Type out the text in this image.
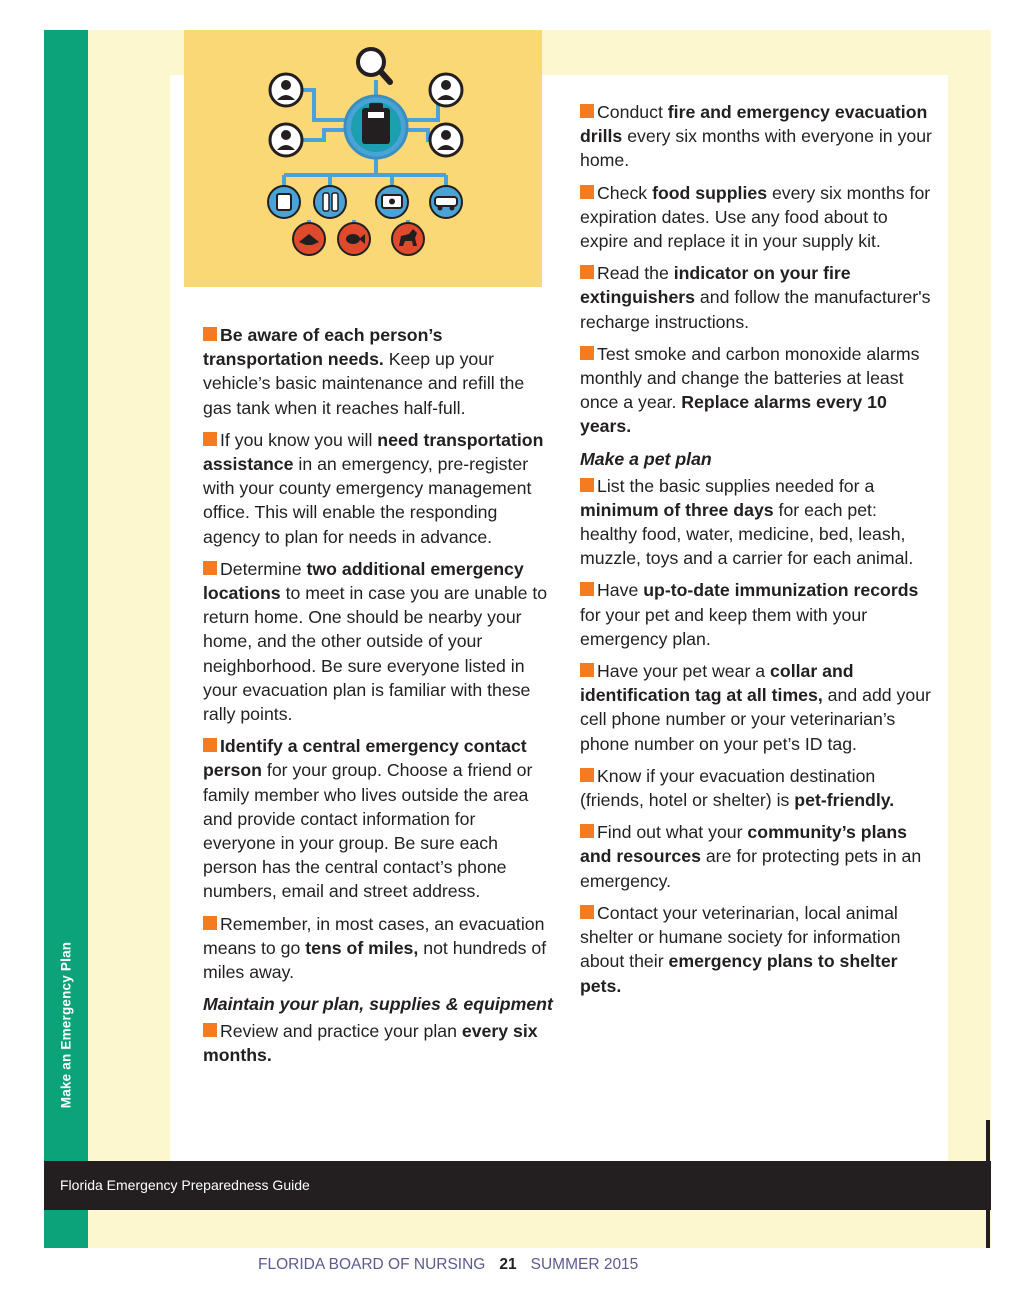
Make an Emergency Plan

Be aware of each person’s transportation needs. Keep up your vehicle’s basic maintenance and refill the gas tank when it reaches half-full.

If you know you will need transportation assistance in an emergency, pre-register with your county emergency management office. This will enable the responding agency to plan for needs in advance.

Determine two additional emergency locations to meet in case you are unable to return home. One should be nearby your home, and the other outside of your neighborhood. Be sure everyone listed in your evacuation plan is familiar with these rally points.

Identify a central emergency contact person for your group. Choose a friend or family member who lives outside the area and provide contact information for everyone in your group. Be sure each person has the central contact’s phone numbers, email and street address.

Remember, in most cases, an evacuation means to go tens of miles, not hundreds of miles away.

Maintain your plan, supplies & equipment

Review and practice your plan every six months.

Conduct fire and emergency evacuation drills every six months with everyone in your home.

Check food supplies every six months for expiration dates. Use any food about to expire and replace it in your supply kit.

Read the indicator on your fire extinguishers and follow the manufacturer's recharge instructions.

Test smoke and carbon monoxide alarms monthly and change the batteries at least once a year. Replace alarms every 10 years.

Make a pet plan

List the basic supplies needed for a minimum of three days for each pet: healthy food, water, medicine, bed, leash, muzzle, toys and a carrier for each animal.

Have up-to-date immunization records for your pet and keep them with your emergency plan.

Have your pet wear a collar and identification tag at all times, and add your cell phone number or your veterinarian’s phone number on your pet’s ID tag.

Know if your evacuation destination (friends, hotel or shelter) is pet-friendly.

Find out what your community’s plans and resources are for protecting pets in an emergency.

Contact your veterinarian, local animal shelter or humane society for information about their emergency plans to shelter pets.

Florida Emergency Preparedness Guide
FLORIDA BOARD OF NURSING 21 SUMMER 2015
